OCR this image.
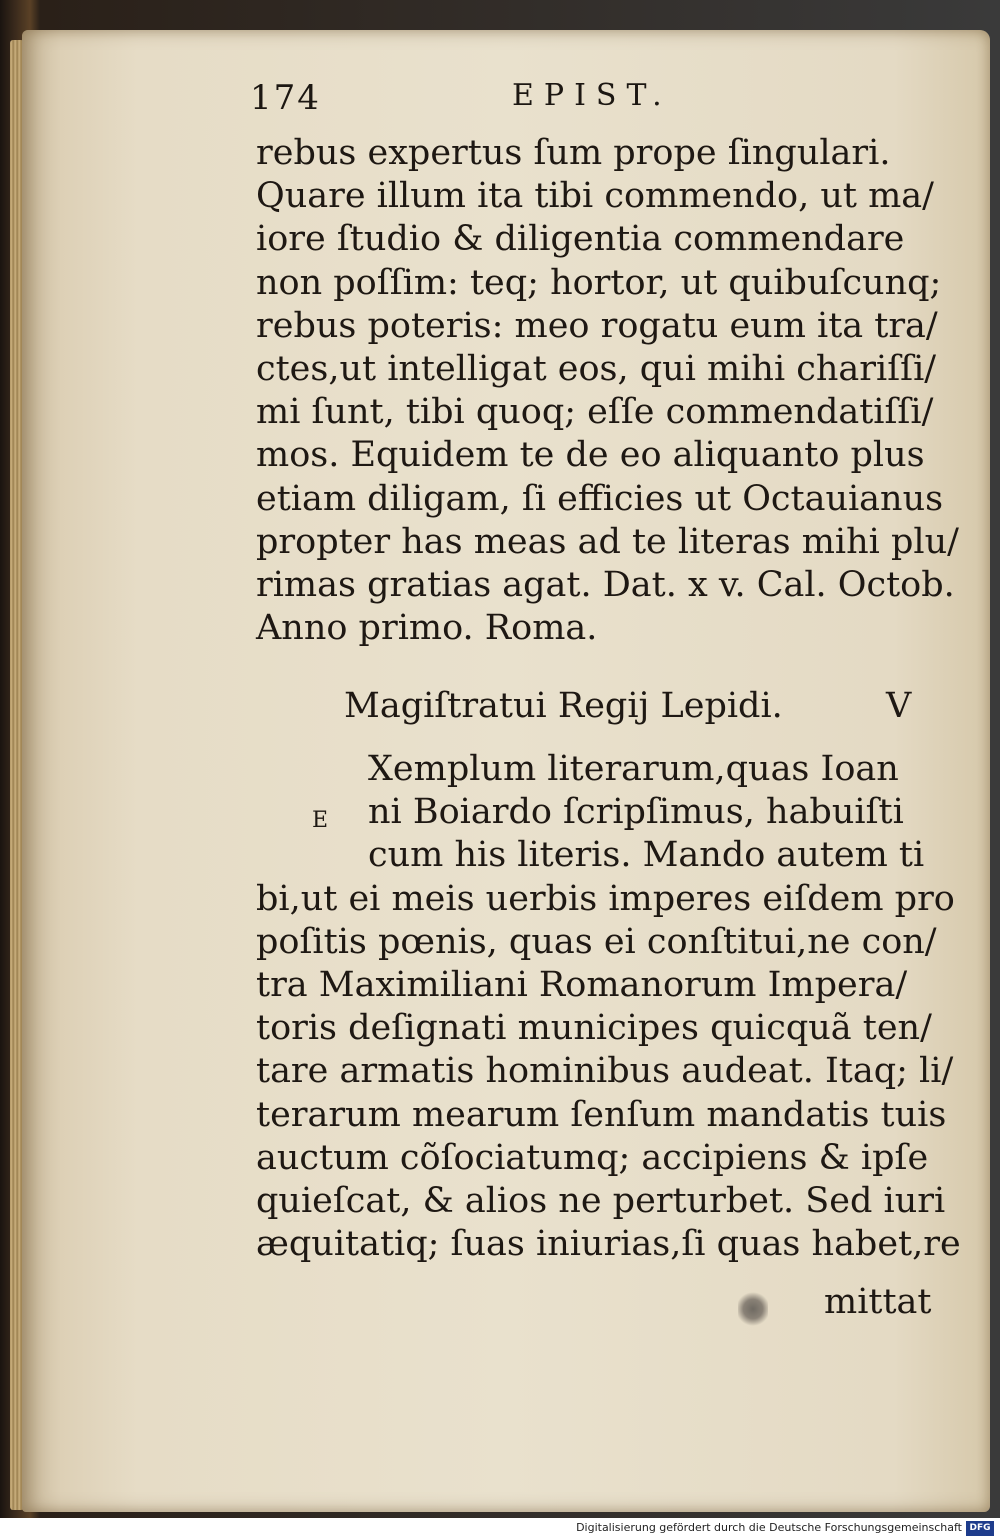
174	EPIST.
rebus expertus ſum prope ſingulari.
Quare illum ita tibi commendo, ut ma/
iore ſtudio & diligentia commendare
non poſſim: teq; hortor, ut quibuſcunq;
rebus poteris: meo rogatu eum ita tra/
ctes,ut intelligat eos, qui mihi chariſſi/
mi ſunt, tibi quoq; eſſe commendatiſſi/
mos. Equidem te de eo aliquanto plus
etiam diligam, ſi efficies ut Octauianus
propter has meas ad te literas mihi plu/
rimas gratias agat. Dat. x v. Cal. Octob.
Anno primo. Roma.
Magiſtratui Regij Lepidi.	V
E
Xemplum literarum,quas Ioan
ni Boiardo ſcripſimus, habuiſti
cum his literis. Mando autem ti
bi,ut ei meis uerbis imperes eiſdem pro
poſitis pœnis, quas ei conſtitui,ne con/
tra Maximiliani Romanorum Impera/
toris deſignati municipes quicquã ten/
tare armatis hominibus audeat. Itaq; li/
terarum mearum ſenſum mandatis tuis
auctum cõſociatumq; accipiens & ipſe
quieſcat, & alios ne perturbet. Sed iuri
æquitatiq; ſuas iniurias,ſi quas habet,re
mittat
Digitalisierung gefördert durch die Deutsche Forschungsgemeinschaft DFG
